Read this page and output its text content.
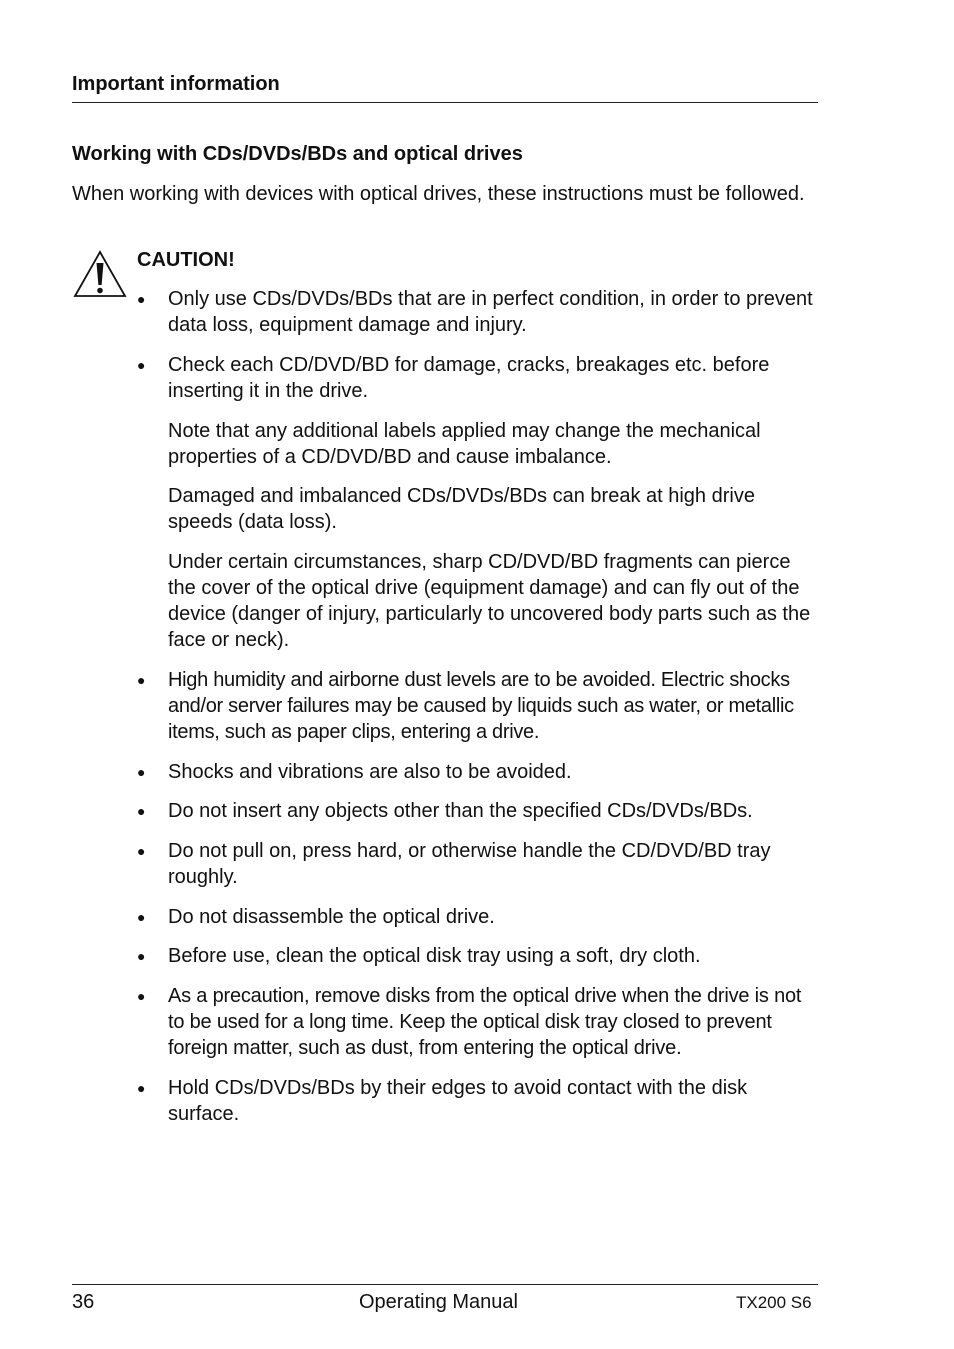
Important information
Working with CDs/DVDs/BDs and optical drives

When working with devices with optical drives, these instructions must be followed.

CAUTION!
●	Only use CDs/DVDs/BDs that are in perfect condition, in order to prevent data loss, equipment damage and injury.

●	Check each CD/DVD/BD for damage, cracks, breakages etc. before inserting it in the drive.

Note that any additional labels applied may change the mechanical properties of a CD/DVD/BD and cause imbalance.

Damaged and imbalanced CDs/DVDs/BDs can break at high drive speeds (data loss).

Under certain circumstances, sharp CD/DVD/BD fragments can pierce the cover of the optical drive (equipment damage) and can fly out of the device (danger of injury, particularly to uncovered body parts such as the face or neck).

●	High humidity and airborne dust levels are to be avoided. Electric shocks and/or server failures may be caused by liquids such as water, or metallic items, such as paper clips, entering a drive.

●	Shocks and vibrations are also to be avoided.

●	Do not insert any objects other than the specified CDs/DVDs/BDs.

●	Do not pull on, press hard, or otherwise handle the CD/DVD/BD tray roughly.

●	Do not disassemble the optical drive.

●	Before use, clean the optical disk tray using a soft, dry cloth.

●	As a precaution, remove disks from the optical drive when the drive is not to be used for a long time. Keep the optical disk tray closed to prevent foreign matter, such as dust, from entering the optical drive.

●	Hold CDs/DVDs/BDs by their edges to avoid contact with the disk surface.

36	Operating Manual	TX200 S6
